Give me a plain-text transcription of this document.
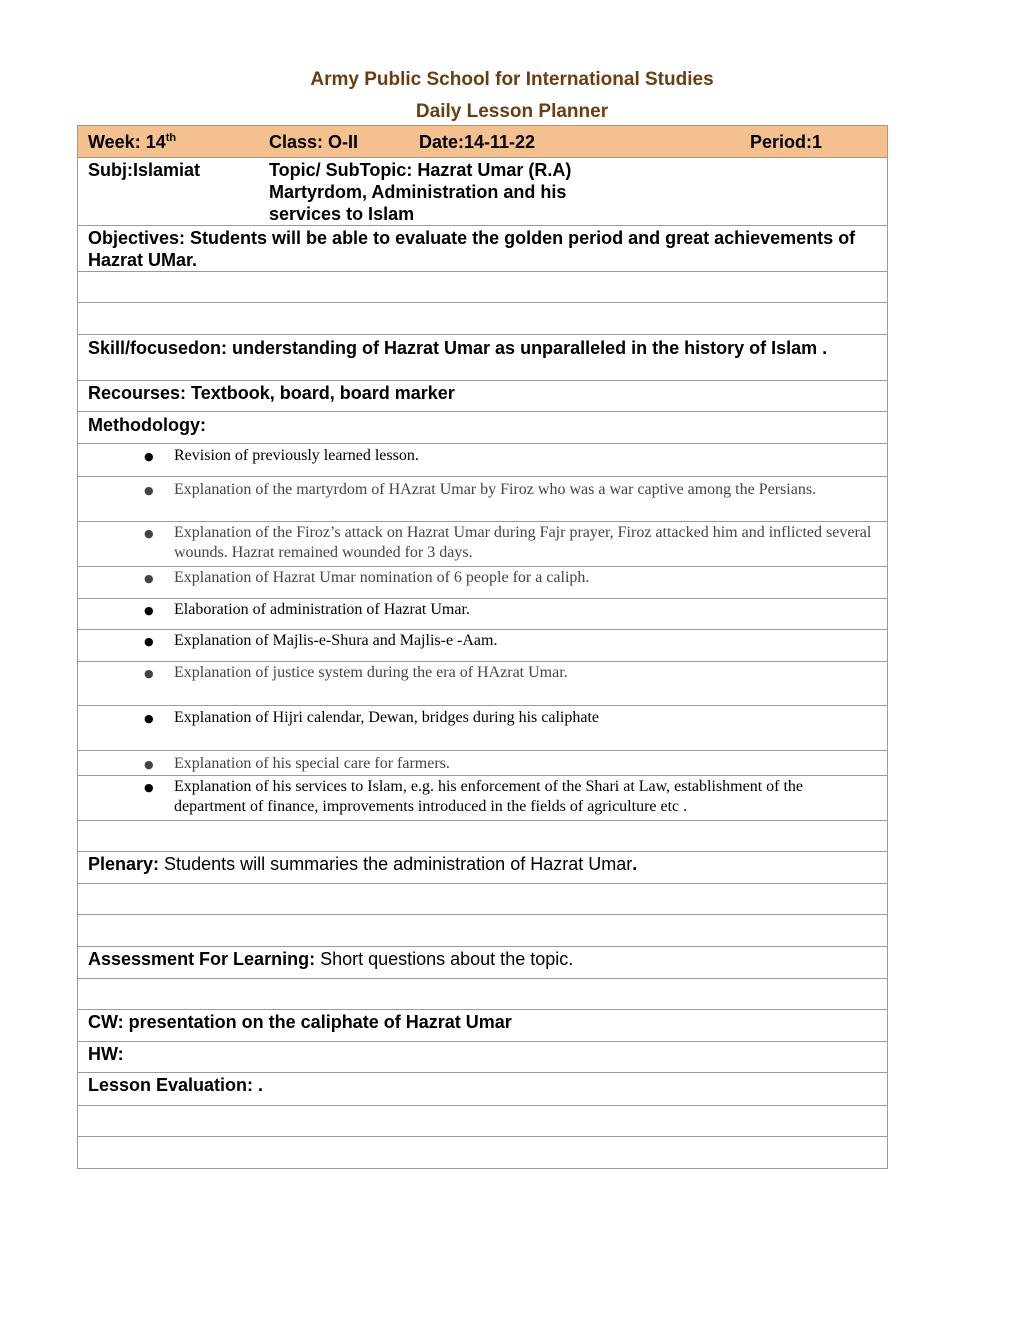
Army Public School for International Studies
Daily Lesson Planner
Week: 14th	Class: O-II	Date:14-11-22	Period:1

Subj:Islamiat	Topic/ SubTopic: Hazrat Umar (R.A) Martyrdom, Administration and his services to Islam

Objectives: Students will be able to evaluate the golden period and great achievements of Hazrat UMar.

Skill/focusedon: understanding of Hazrat Umar as unparalleled in the history of Islam .
Recourses: Textbook, board, board marker
Methodology:

●	Revision of previously learned lesson.

●	Explanation of the martyrdom of HAzrat Umar by Firoz who was a war captive among the Persians.

●	Explanation of the Firoz’s attack on Hazrat Umar during Fajr prayer, Firoz attacked him and inflicted several wounds. Hazrat remained wounded for 3 days.

●	Explanation of Hazrat Umar nomination of 6 people for a caliph.

●	Elaboration of administration of Hazrat Umar.

●	Explanation of Majlis-e-Shura and Majlis-e -Aam.

●	Explanation of justice system during the era of HAzrat Umar.

●	Explanation of Hijri calendar, Dewan, bridges during his caliphate

●	Explanation of his special care for farmers.

●	Explanation of his services to Islam, e.g. his enforcement of the Shari at Law, establishment of the department of finance, improvements introduced in the fields of agriculture etc .

Plenary: Students will summaries the administration of Hazrat Umar.

Assessment For Learning: Short questions about the topic.

CW: presentation on the caliphate of Hazrat Umar
HW:
Lesson Evaluation: .
